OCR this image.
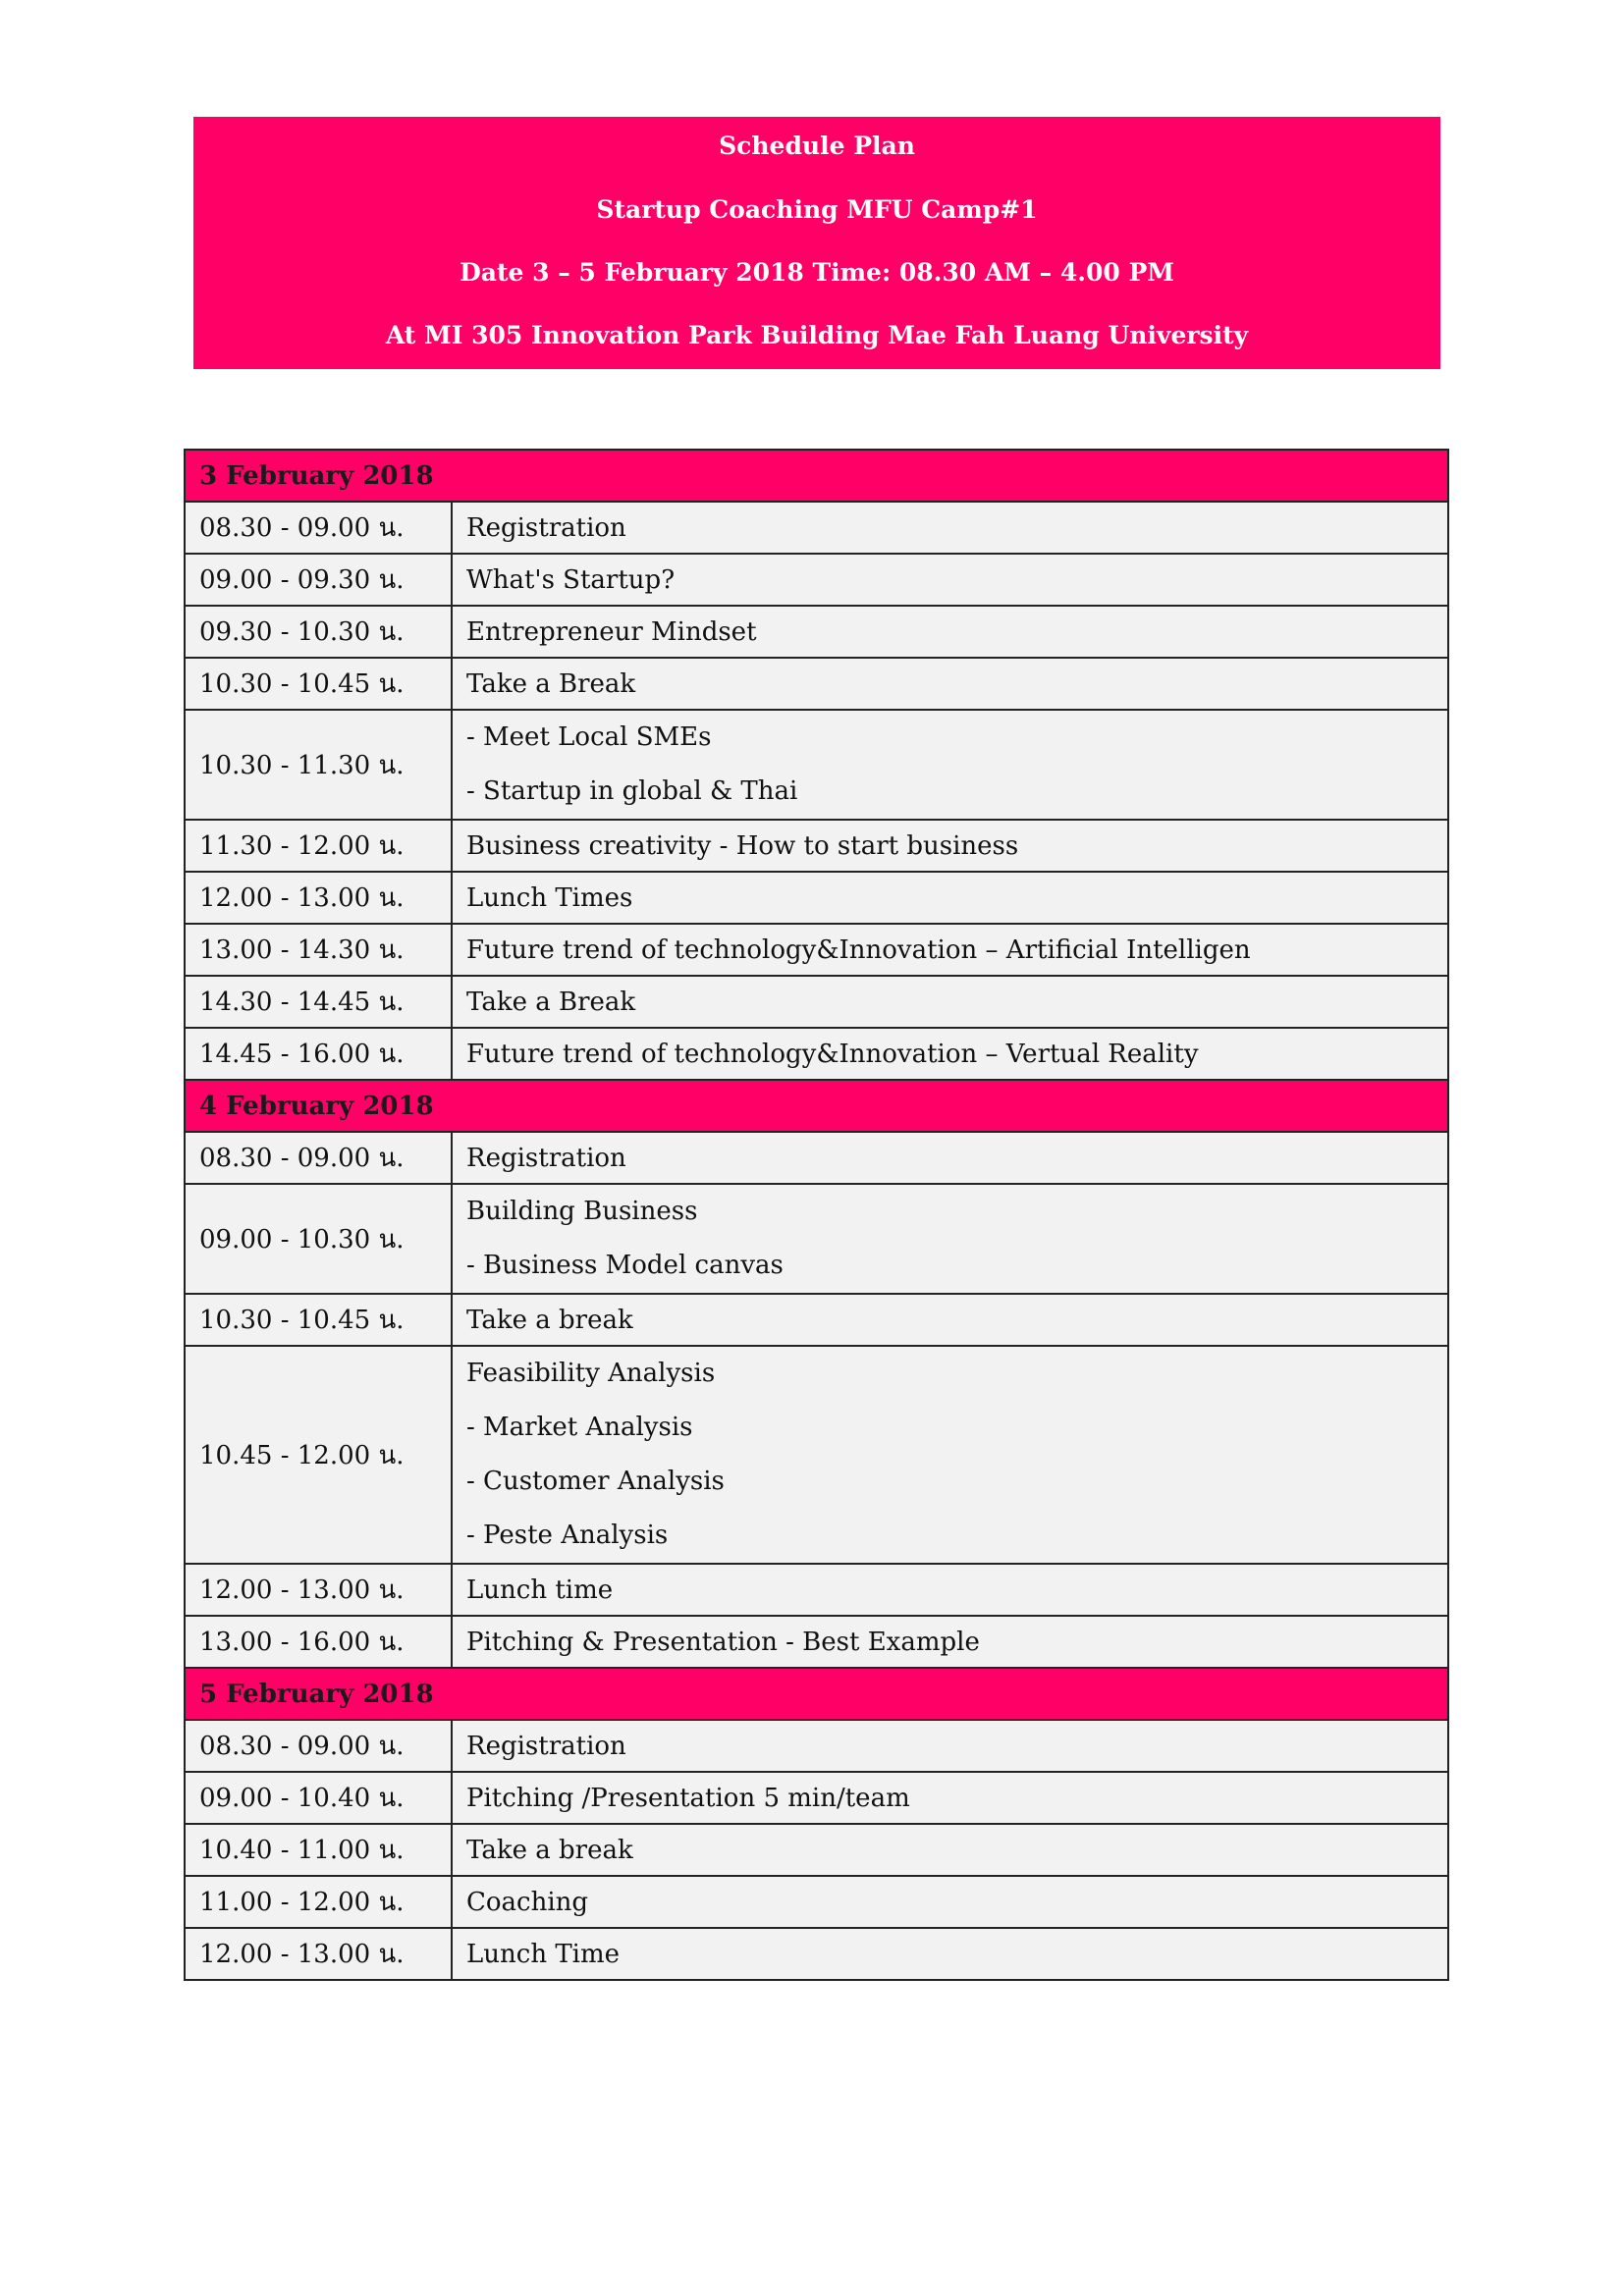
Schedule Plan
Startup Coaching MFU Camp#1
Date 3 – 5 February 2018 Time: 08.30 AM – 4.00 PM
At MI 305 Innovation Park Building Mae Fah Luang University
3 February 2018	
08.30 - 09.00 น.	Registration

09.00 - 09.30 น.	What's Startup?

09.30 - 10.30 น.	Entrepreneur Mindset

10.30 - 10.45 น.	Take a Break

10.30 - 11.30 น.	- Meet Local SMEs
- Startup in global & Thai

11.30 - 12.00 น.	Business creativity - How to start business

12.00 - 13.00 น.	Lunch Times

13.00 - 14.30 น.	Future trend of technology&Innovation – Artificial Intelligen

14.30 - 14.45 น.	Take a Break

14.45 - 16.00 น.	Future trend of technology&Innovation – Vertual Reality

4 February 2018	
08.30 - 09.00 น.	Registration

09.00 - 10.30 น.	Building Business
- Business Model canvas

10.30 - 10.45 น.	Take a break

10.45 - 12.00 น.	Feasibility Analysis
- Market Analysis
- Customer Analysis
- Peste Analysis

12.00 - 13.00 น.	Lunch time

13.00 - 16.00 น.	Pitching & Presentation - Best Example

5 February 2018	
08.30 - 09.00 น.	Registration

09.00 - 10.40 น.	Pitching /Presentation 5 min/team

10.40 - 11.00 น.	Take a break

11.00 - 12.00 น.	Coaching

12.00 - 13.00 น.	Lunch Time
